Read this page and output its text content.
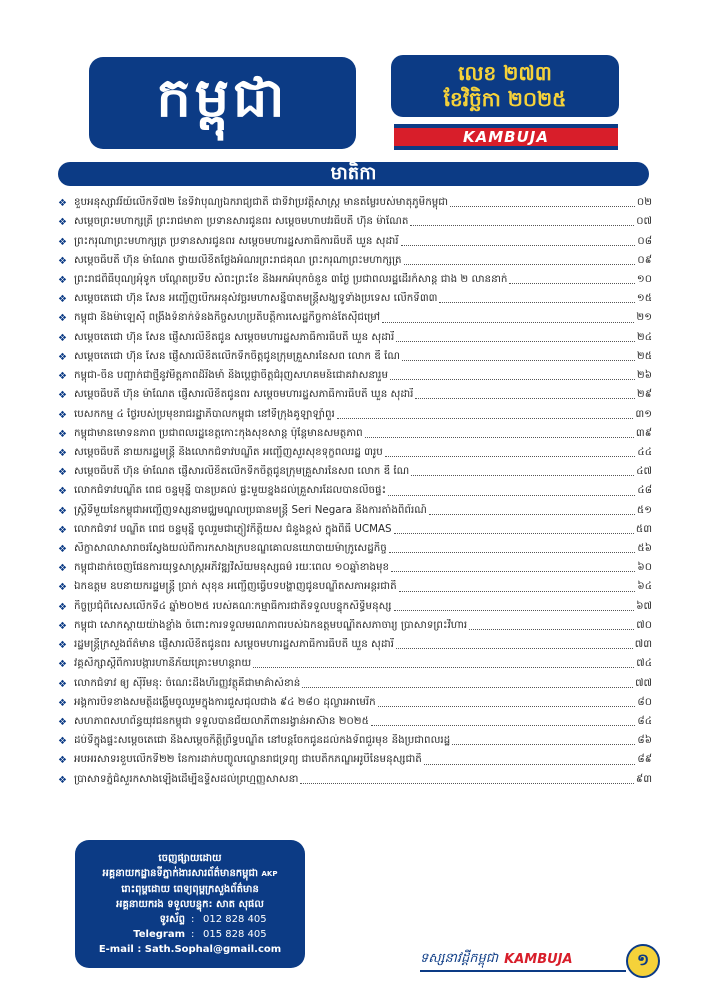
កម្ពុជា	លេខ ២៧៣
ខែវិច្ឆិកា ២០២៥
KAMBUJA
មាតិកា
❖ ខួបអនុស្សាវរីយ៍លើកទី៧២ នៃទិវាបុណ្យឯករាជ្យជាតិ ជាទិវាប្រវត្តិសាស្ត្រ មានតម្លៃរបស់មាតុភូមិកម្ពុជា	០២
❖ សម្តេចព្រះមហាក្សត្រី ព្រះរាជមាតា ប្រទានសារជូនពរ សម្តេចមហាបវរធិបតី ហ៊ុន ម៉ាណែត	០៧
❖ ព្រះករុណាព្រះមហាក្សត្រ ប្រទានសារជូនពរ សម្តេចមហារដ្ឋសភាធិការធិបតី ឃួន សុដារី	០៨
❖ សម្តេចធិបតី ហ៊ុន ម៉ាណែត ថ្វាយលិខិតថ្លែងអំណរព្រះរាជគុណ ព្រះករុណាព្រះមហាក្សត្រ	០៩
❖ ព្រះរាជពិធីបុណ្យអុំទូក បណ្តែតប្រទីប សំពះព្រះខែ និងអកអំបុកចំនួន ៣ថ្ងៃ ប្រជាពលរដ្ឋដើរកំសាន្ត ជាង ២ លាននាក់	១០
❖ សម្តេចតេជោ ហ៊ុន សែន អញ្ជើញបើកអនុសំវច្ឆរមហាសន្និបាតមន្ត្រីសង្ឃទូទាំងប្រទេស លើកទី៣៣	១៥
❖ កម្ពុជា និងម៉ាឡេស៊ី ពង្រឹងទំនាក់ទំនងកិច្ចសហប្រតិបត្តិការសេដ្ឋកិច្ចកាន់តែស៊ីជម្រៅ	២១
❖ សម្តេចតេជោ ហ៊ុន សែន ផ្ញើសារលិខិតជូន សម្តេចមហារដ្ឋសភាធិការធិបតី ឃួន សុដារី	២៤
❖ សម្តេចតេជោ ហ៊ុន សែន ផ្ញើសារលិខិតលើកទឹកចិត្តជូនក្រុមគ្រួសារនៃសព លោក ឌី ណៃ	២៥
❖ កម្ពុជា-ចិន បញ្ជាក់ជាថ្មីនូវមិត្តភាពដ៏រឹងមាំ និងប្តេជ្ញាចិត្តជំរុញសហគមន៍ជោគវាសនារួម	២៦
❖ សម្តេចធិបតី ហ៊ុន ម៉ាណែត ផ្ញើសារលិខិតជូនពរ សម្តេចមហារដ្ឋសភាធិការធិបតី ឃួន សុដារី	២៩
❖ បេសកកម្ម ៤ ថ្ងៃរបស់ប្រមុខរាជរដ្ឋាភិបាលកម្ពុជា នៅទីក្រុងគូឡាឡាំពួរ	៣១
❖ កម្ពុជាមានមោទនភាព ប្រជាពលរដ្ឋខេត្តកោះកុងសុខសាន្ត ប៉ុន្តែមានសមត្ថភាព	៣៩
❖ សម្តេចធិបតី នាយករដ្ឋមន្ត្រី និងលោកជំទាវបណ្ឌិត អញ្ជើញសួរសុខទុក្ខពលរដ្ឋ ៣រូប	៤៤
❖ សម្តេចធិបតី ហ៊ុន ម៉ាណែត ផ្ញើសារលិខិតលើកទឹកចិត្តជូនក្រុមគ្រួសារនៃសព លោក ឌី ណៃ	៤៧
❖ លោកជំទាវបណ្ឌិត ពេជ ចន្ទមុន្នី បានប្រគល់ ផ្ទះមួយខ្នងដល់គ្រួសារដែលបានលិចផ្ទះ	៤៨
❖ ស្ត្រីទីមួយនៃកម្ពុជាអញ្ជើញទស្សនាមជ្ឈមណ្ឌលប្រធានមន្ត្រី Seri Negara និងការតាំងពិព័រណ៍	៥១
❖ លោកជំទាវ បណ្ឌិត ពេជ ចន្ទមុន្នី ចូលរួមជាភ្ញៀវកិត្តិយស ជំនួងខ្ពស់ ក្នុងពិធី UCMAS	៥៣
❖ សិក្ខាសាលាសារាចរស្វែងយល់ពីការកសាងក្របខណ្ឌគោលនយោបាយម៉ាក្រូសេដ្ឋកិច្ច	៥៦
❖ កម្ពុជាដាក់ចេញផែនការយុទ្ធសាស្ត្រអភិវឌ្ឍវិស័យមនុស្សធម៌ រយៈពេល ១០ឆ្នាំខាងមុខ	៦០
❖ ឯកឧត្តម ឧបនាយករដ្ឋមន្ត្រី ប្រាក់ សុខុន អញ្ជើញធ្វើបទបង្ហាញជូនបណ្ឌិតសភាអន្តរជាតិ	៦៤
❖ កិច្ចប្រជុំពិសេសលើកទី៤ ឆ្នាំ២០២៥ របស់គណៈកម្មាធិការជាតិទទួលបន្ទុកសិទ្ធិមនុស្ស	៦៧
❖ កម្ពុជា សោកស្តាយយ៉ាងខ្លាំង ចំពោះការទទួលមរណភាពរបស់ឯកឧត្តមបណ្ឌិតសភាចារ្យ ប្រាសាទព្រះវិហារ	៧០
❖ រដ្ឋមន្ត្រីក្រសួងព័ត៌មាន ផ្ញើសារលិខិតជូនពរ សម្តេចមហារដ្ឋសភាធិការធិបតី ឃួន សុដារី	៧៣
❖ វគ្គសិក្សាស្តីពីការបង្ការហានិភ័យគ្រោះមហន្តរាយ	៧៤
❖ លោកជំទាវ ឲ្យ ស៊ីរីមនុ: ចំណេះដឹងហិរញ្ញវត្ថុគឺជាមាគ៌ាសំខាន់	៧៧
❖ អង្គការបិទខាងសមត្ថិដង្ហើមចូលរួមក្នុងការជួសជុលជាង ៩៤ ២៨០ ដុល្លារអាមេរិក	៨០
❖ សហភាពសហព័ន្ធយុវជនកម្ពុជា ទទួលបានជ័យលាភីពានរង្វាន់អាស៊ាន ២០២៥	៨៤
❖ ដប់ទីក្នុងផ្ទះសម្តេចតេជោ និងសម្តេចកិត្តិព្រឹទ្ធបណ្ឌិត នៅបន្តចែកជូនដល់កងទ័ពជួរមុខ និងប្រជាពលរដ្ឋ	៨៦
❖ អបអរសាទរខួបលើកទី២២ នៃការដាក់បញ្ចូលល្ខោនរាជទ្រព្យ ជាបេតិកភណ្ឌអរូបីនៃមនុស្សជាតិ	៨៩
❖ ប្រាសាទភ្នំជំសួរកសាងឡើងដើម្បីឧទ្ទិសដល់ព្រហ្មញ្ញសាសនា	៩៣
ចេញផ្សាយដោយ
អគ្គនាយកដ្ឋានទីភ្នាក់ងារសារព័ត៌មានកម្ពុជា AKP
រោះពុម្ពដោយ ពេទ្យពុម្ពក្រសួងព័ត៌មាន
អគ្គនាយករង ទទួលបន្ទុក: សាត សុផល
ទូរស័ព្ទ : 012 828 405
Telegram : 015 828 405
E-mail : Sath.Sophal@gmail.com
ទស្សនាវដ្តីកម្ពុជា KAMBUJA	១
